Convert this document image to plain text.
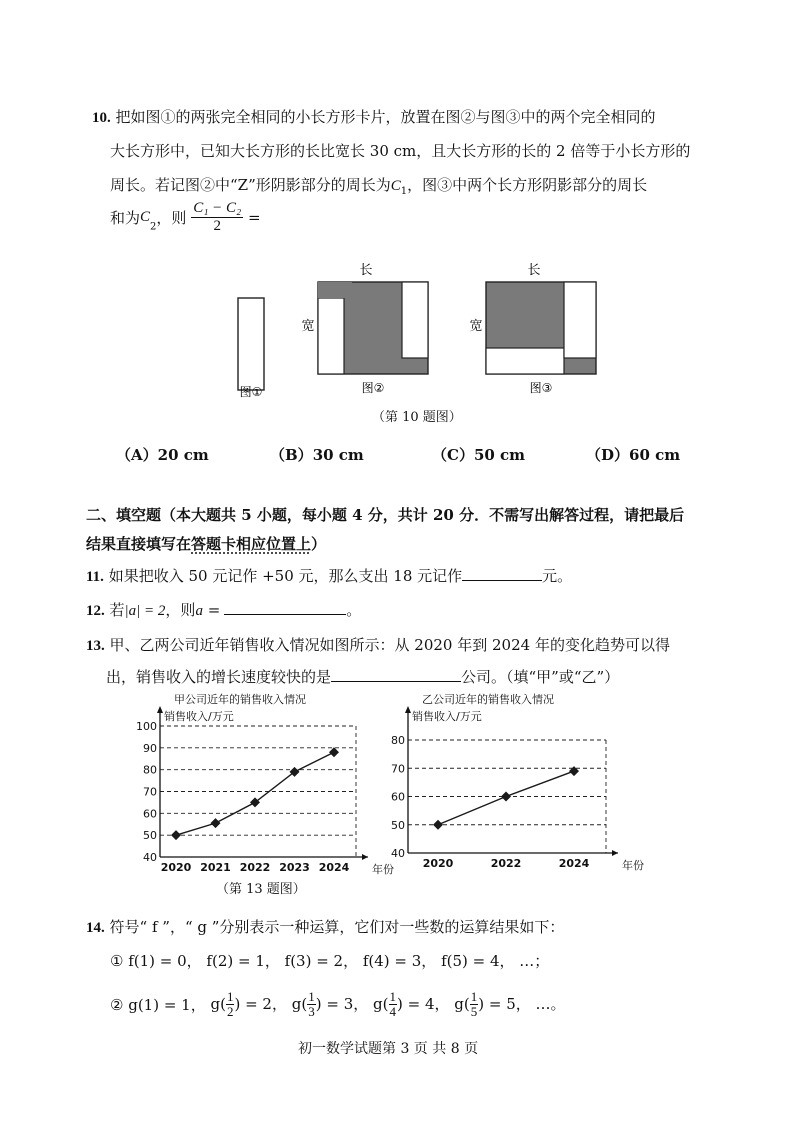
10. 把如图①的两张完全相同的小长方形卡片，放置在图②与图③中的两个完全相同的
大长方形中，已知大长方形的长比宽长 30 cm，且大长方形的长的 2 倍等于小长方形的
周长。若记图②中“Z”形阴影部分的周长为$C_1$，图③中两个长方形阴影部分的周长
和为$C_2$，则 $\frac{\text{C₁ − C₂}}{2}$ =
长	长
宽	宽
图①	图②	图③
（第 10 题图）
（A）20 cm	（B）30 cm	（C）50 cm	（D）60 cm
二、填空题（本大题共 5 小题，每小题 4 分，共计 20 分．不需写出解答过程，请把最后
结果直接填写在答题卡相应位置上）
11. 如果把收入 50 元记作 +50 元，那么支出 18 元记作	元。
12. 若|a| = 2，则a =	。
13. 甲、乙两公司近年销售收入情况如图所示：从 2020 年到 2024 年的变化趋势可以得
出，销售收入的增长速度较快的是	公司。（填“甲”或“乙”）
甲公司近年的销售收入情况
销售收入/万元
40
50
60
70
80
90
100
2020 2021 2022 2023 2024 年份
乙公司近年的销售收入情况
销售收入/万元
40
50
60
70
80
2020	2022	2024	年份
（第 13 题图）
14. 符号“ f ”，“ g ”分别表示一种运算，它们对一些数的运算结果如下：
① f(1) = 0， f(2) = 1， f(3) = 2， f(4) = 3， f(5) = 4， …；
② g(1) = 1， $g( \frac{1}{2}$ ) = 2， $g( \frac{1}{3}$ ) = 3， $g( \frac{1}{4}$ ) = 4， $g( \frac{1}{5}$ ) = 5， …。
初一数学试题第 3 页 共 8 页
